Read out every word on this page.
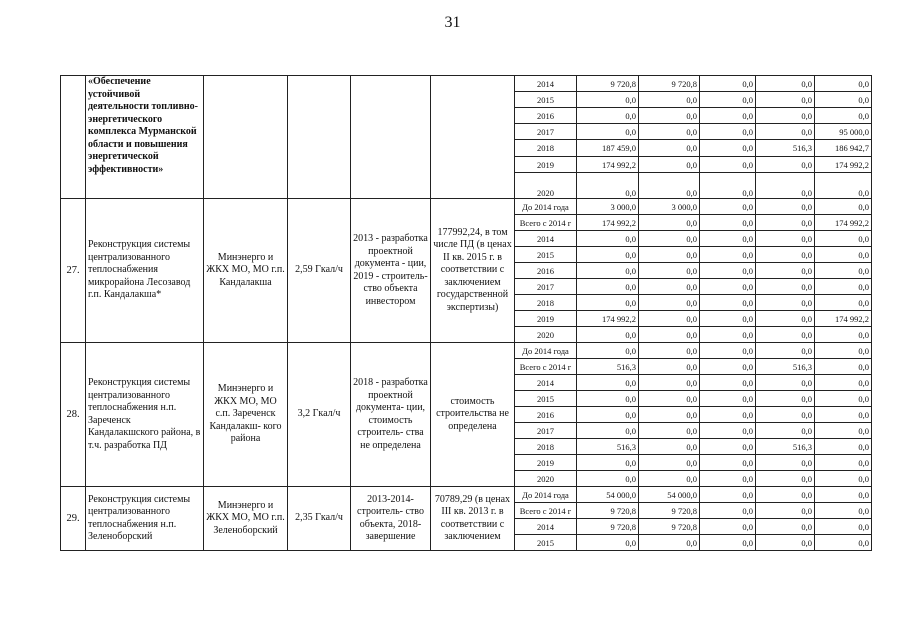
31
	«Обеспечение устойчивой деятельности топливно-энергетического комплекса Мурманской области и повышения энергетической эффективности»					2014	9 720,8	9 720,8	0,0	0,0	0,0
						2015	0,0	0,0	0,0	0,0	0,0
						2016	0,0	0,0	0,0	0,0	0,0
						2017	0,0	0,0	0,0	0,0	95 000,0
						2018	187 459,0	0,0	0,0	516,3	186 942,7
						2019	174 992,2	0,0	0,0	0,0	174 992,2
						2020	0,0	0,0	0,0	0,0	0,0
27.	Реконструкция системы централизованного теплоснабжения микрорайона Лесозавод г.п. Кандалакша*	Минэнерго и ЖКХ МО, МО г.п. Кандалакша	2,59 Гкал/ч	2013 - разработка проектной документа - ции, 2019 - строитель- ство объекта инвестором	177992,24, в том числе ПД (в ценах II кв. 2015 г. в соответствии с заключением государственной экспертизы)	До 2014 года	3 000,0	3 000,0	0,0	0,0	0,0
						Всего с 2014 г	174 992,2	0,0	0,0	0,0	174 992,2
						2014	0,0	0,0	0,0	0,0	0,0
						2015	0,0	0,0	0,0	0,0	0,0
						2016	0,0	0,0	0,0	0,0	0,0
						2017	0,0	0,0	0,0	0,0	0,0
						2018	0,0	0,0	0,0	0,0	0,0
						2019	174 992,2	0,0	0,0	0,0	174 992,2
						2020	0,0	0,0	0,0	0,0	0,0
28.	Реконструкция системы централизованного теплоснабжения н.п. Зареченск Кандалакшского района, в т.ч. разработка ПД	Минэнерго и ЖКХ МО, МО с.п. Зареченск Кандалакш- кого района	3,2 Гкал/ч	2018 - разработка проектной документа- ции, стоимость строитель- ства не определена	стоимость строительства не определена	До 2014 года	0,0	0,0	0,0	0,0	0,0
						Всего с 2014 г	516,3	0,0	0,0	516,3	0,0
						2014	0,0	0,0	0,0	0,0	0,0
						2015	0,0	0,0	0,0	0,0	0,0
						2016	0,0	0,0	0,0	0,0	0,0
						2017	0,0	0,0	0,0	0,0	0,0
						2018	516,3	0,0	0,0	516,3	0,0
						2019	0,0	0,0	0,0	0,0	0,0
						2020	0,0	0,0	0,0	0,0	0,0
29.	Реконструкция системы централизованного теплоснабжения н.п. Зеленоборский	Минэнерго и ЖКХ МО, МО г.п. Зеленоборский	2,35 Гкал/ч	2013-2014- строитель- ство объекта, 2018- завершение	70789,29 (в ценах III кв. 2013 г. в соответствии с заключением	До 2014 года	54 000,0	54 000,0	0,0	0,0	0,0
						Всего с 2014 г	9 720,8	9 720,8	0,0	0,0	0,0
						2014	9 720,8	9 720,8	0,0	0,0	0,0
						2015	0,0	0,0	0,0	0,0	0,0
